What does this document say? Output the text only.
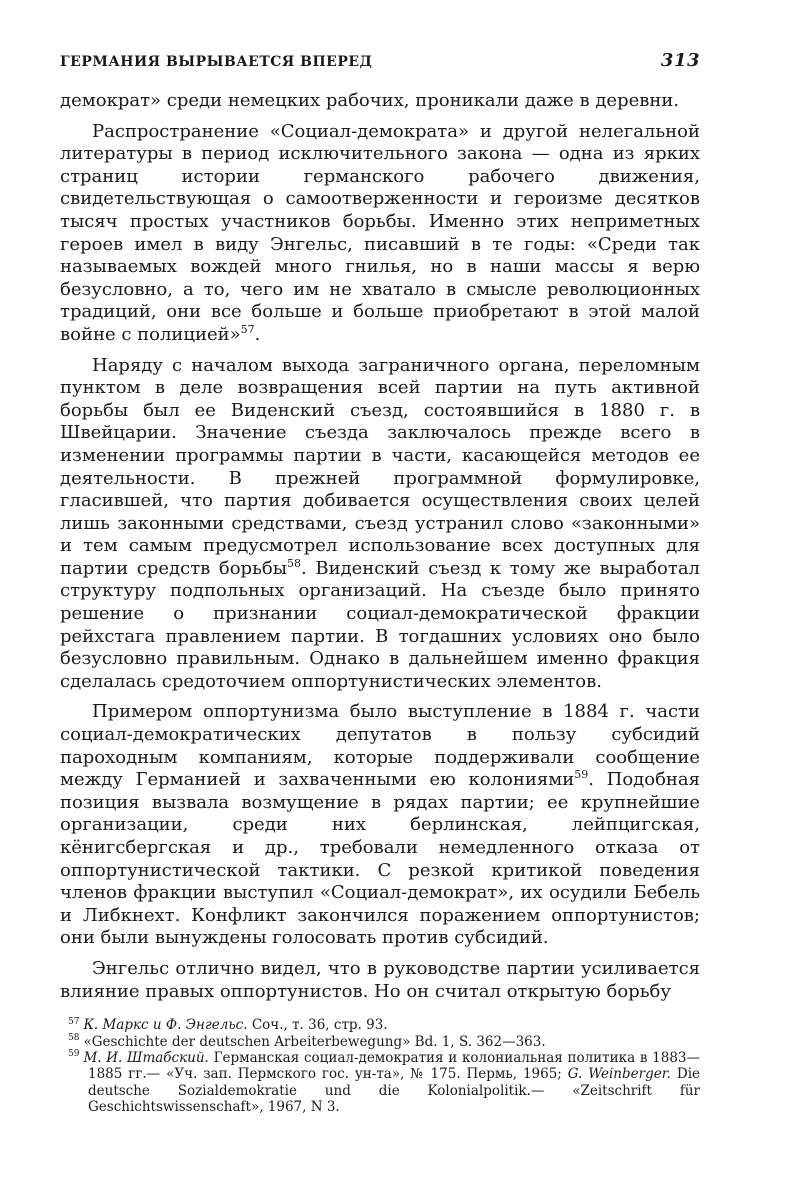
ГЕРМАНИЯ ВЫРЫВАЕТСЯ ВПЕРЕД	313

демократ» среди немецких рабочих, проникали даже в деревни.

Распространение «Социал-демократа» и другой нелегальной литературы в период исключительного закона — одна из ярких страниц истории германского рабочего движения, свидетельствующая о самоотверженности и героизме десятков тысяч простых участников борьбы. Именно этих неприметных героев имел в виду Энгельс, писавший в те годы: «Среди так называемых вождей много гнилья, но в наши массы я верю безусловно, а то, чего им не хватало в смысле революционных традиций, они все больше и больше приобретают в этой малой войне с полицией»$^{57}$.

Наряду с началом выхода заграничного органа, переломным пунктом в деле возвращения всей партии на путь активной борьбы был ее Виденский съезд, состоявшийся в 1880 г. в Швейцарии. Значение съезда заключалось прежде всего в изменении программы партии в части, касающейся методов ее деятельности. В прежней программной формулировке, гласившей, что партия добивается осуществления своих целей лишь законными средствами, съезд устранил слово «законными» и тем самым предусмотрел использование всех доступных для партии средств борьбы$^{58}$. Виденский съезд к тому же выработал структуру подпольных организаций. На съезде было принято решение о признании социал-демократической фракции рейхстага правлением партии. В тогдашних условиях оно было безусловно правильным. Однако в дальнейшем именно фракция сделалась средоточием оппортунистических элементов.

Примером оппортунизма было выступление в 1884 г. части социал-демократических депутатов в пользу субсидий пароходным компаниям, которые поддерживали сообщение между Германией и захваченными ею колониями$^{59}$. Подобная позиция вызвала возмущение в рядах партии; ее крупнейшие организации, среди них берлинская, лейпцигская, кёнигсбергская и др., требовали немедленного отказа от оппортунистической тактики. С резкой критикой поведения членов фракции выступил «Социал-демократ», их осудили Бебель и Либкнехт. Конфликт закончился поражением оппортунистов; они были вынуждены голосовать против субсидий.

Энгельс отлично видел, что в руководстве партии усиливается влияние правых оппортунистов. Но он считал открытую борьбу

$^{57}$ К. Маркс и Ф. Энгельс. Соч., т. 36, стр. 93.

$^{58}$ «Geschichte der deutschen Arbeiterbewegung» Bd. 1, S. 362—363.

$^{59}$ М. И. Штабский. Германская социал-демократия и колониальная политика в 1883—1885 гг.— «Уч. зап. Пермского гос. ун-та», № 175. Пермь, 1965; G. Weinberger. Die deutsche Sozialdemokratie und die Kolonialpolitik.— «Zeitschrift für Geschichtswissenschaft», 1967, N 3.
